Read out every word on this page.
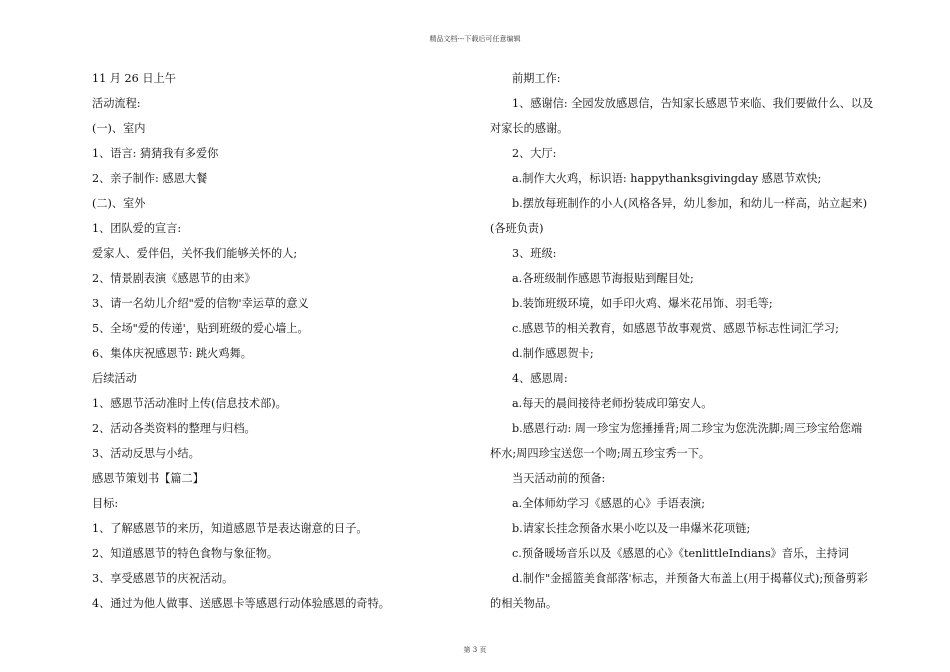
精品文档---下载后可任意编辑
11 月 26 日上午
活动流程:
(一)、室内
1、语言: 猜猜我有多爱你
2、亲子制作: 感恩大餐
(二)、室外
1、团队爱的宣言:
爱家人、爱伴侣，关怀我们能够关怀的人;
2、情景剧表演《感恩节的由来》
3、请一名幼儿介绍"爱的信物'幸运草的意义
5、全场"爱的传递'，贴到班级的爱心墙上。
6、集体庆祝感恩节: 跳火鸡舞。
后续活动
1、感恩节活动准时上传(信息技术部)。
2、活动各类资料的整理与归档。
3、活动反思与小结。
感恩节策划书【篇二】
目标:
1、了解感恩节的来历，知道感恩节是表达谢意的日子。
2、知道感恩节的特色食物与象征物。
3、享受感恩节的庆祝活动。
4、通过为他人做事、送感恩卡等感恩行动体验感恩的奇特。
前期工作:
1、感谢信: 全园发放感恩信，告知家长感恩节来临、我们要做什么、以及
对家长的感谢。
2、大厅:
a.制作大火鸡，标识语: happythanksgivingday 感恩节欢快;
b.摆放每班制作的小人(风格各异，幼儿参加，和幼儿一样高，站立起来)
(各班负责)
3、班级:
a.各班级制作感恩节海报贴到醒目处;
b.装饰班级环境，如手印火鸡、爆米花吊饰、羽毛等;
c.感恩节的相关教育，如感恩节故事观赏、感恩节标志性词汇学习;
d.制作感恩贺卡;
4、感恩周:
a.每天的晨间接待老师扮装成印第安人。
b.感恩行动: 周一珍宝为您捶捶背;周二珍宝为您洗洗脚;周三珍宝给您端
杯水;周四珍宝送您一个吻;周五珍宝秀一下。
当天活动前的预备:
a.全体师幼学习《感恩的心》手语表演;
b.请家长挂念预备水果小吃以及一串爆米花项链;
c.预备暖场音乐以及《感恩的心》《tenlittleIndians》音乐，主持词
d.制作"金摇篮美食部落'标志，并预备大布盖上(用于揭幕仪式);预备剪彩
的相关物品。
第 3 页
